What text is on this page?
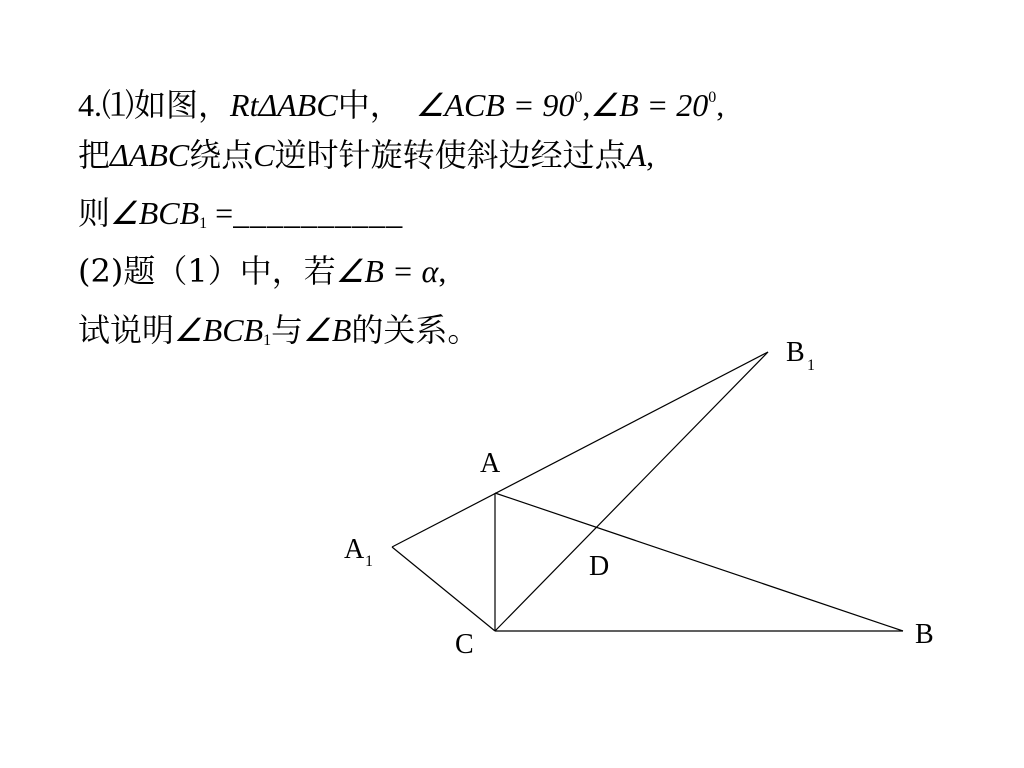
4.⑴如图，RtΔABC中， ∠ACB = $90^0,\angle B = 20^0$,
把ΔABC绕点C逆时针旋转使斜边经过点A,
则$\angle BCB_1$ =__________
(2)题（1）中，若∠B = α,
试说明$\angle BCB_1$与∠B的关系。
B 1
A
A 1	D
C	B
